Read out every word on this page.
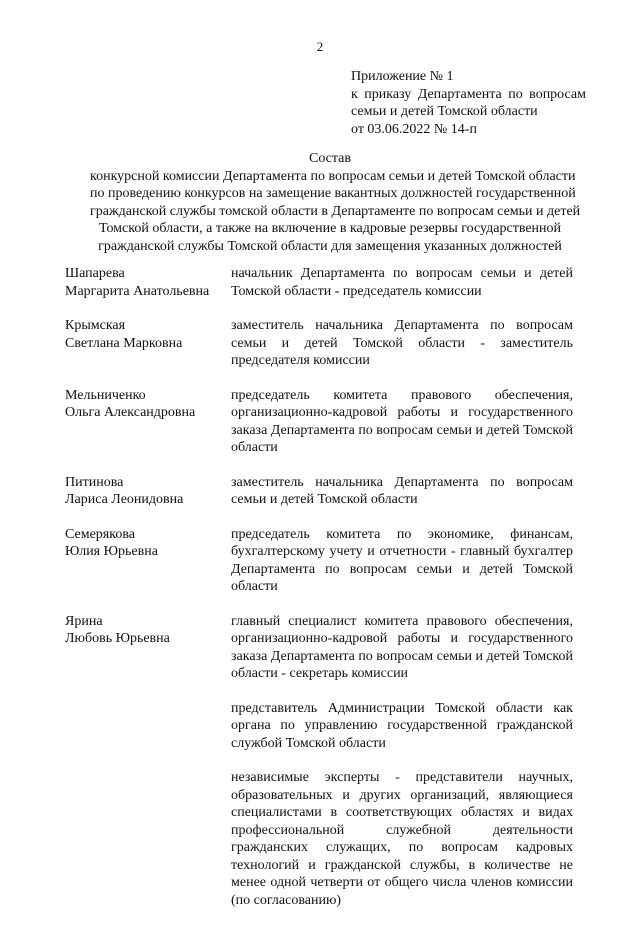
2
Приложение № 1
к приказу Департамента по вопросам
семьи и детей Томской области
от 03.06.2022 № 14-п
Состав
конкурсной комиссии Департамента по вопросам семьи и детей Томской области
по проведению конкурсов на замещение вакантных должностей государственной
гражданской службы томской области в Департаменте по вопросам семьи и детей
Томской области, а также на включение в кадровые резервы государственной
гражданской службы Томской области для замещения указанных должностей
Шапарева
Маргарита Анатольевна
начальник Департамента по вопросам семьи и детей Томской области - председатель комиссии
Крымская
Светлана Марковна
заместитель начальника Департамента по вопросам семьи и детей Томской области - заместитель председателя комиссии
Мельниченко
Ольга Александровна
председатель комитета правового обеспечения, организационно-кадровой работы и государственного заказа Департамента по вопросам семьи и детей Томской области
Питинова
Лариса Леонидовна
заместитель начальника Департамента по вопросам семьи и детей Томской области
Семерякова
Юлия Юрьевна
председатель комитета по экономике, финансам, бухгалтерскому учету и отчетности - главный бухгалтер Департамента по вопросам семьи и детей Томской области
Ярина
Любовь Юрьевна
главный специалист комитета правового обеспечения, организационно-кадровой работы и государственного заказа Департамента по вопросам семьи и детей Томской области - секретарь комиссии
представитель Администрации Томской области как органа по управлению государственной гражданской службой Томской области
независимые эксперты - представители научных, образовательных и других организаций, являющиеся специалистами в соответствующих областях и видах профессиональной служебной деятельности гражданских служащих, по вопросам кадровых технологий и гражданской службы, в количестве не менее одной четверти от общего числа членов комиссии (по согласованию)
